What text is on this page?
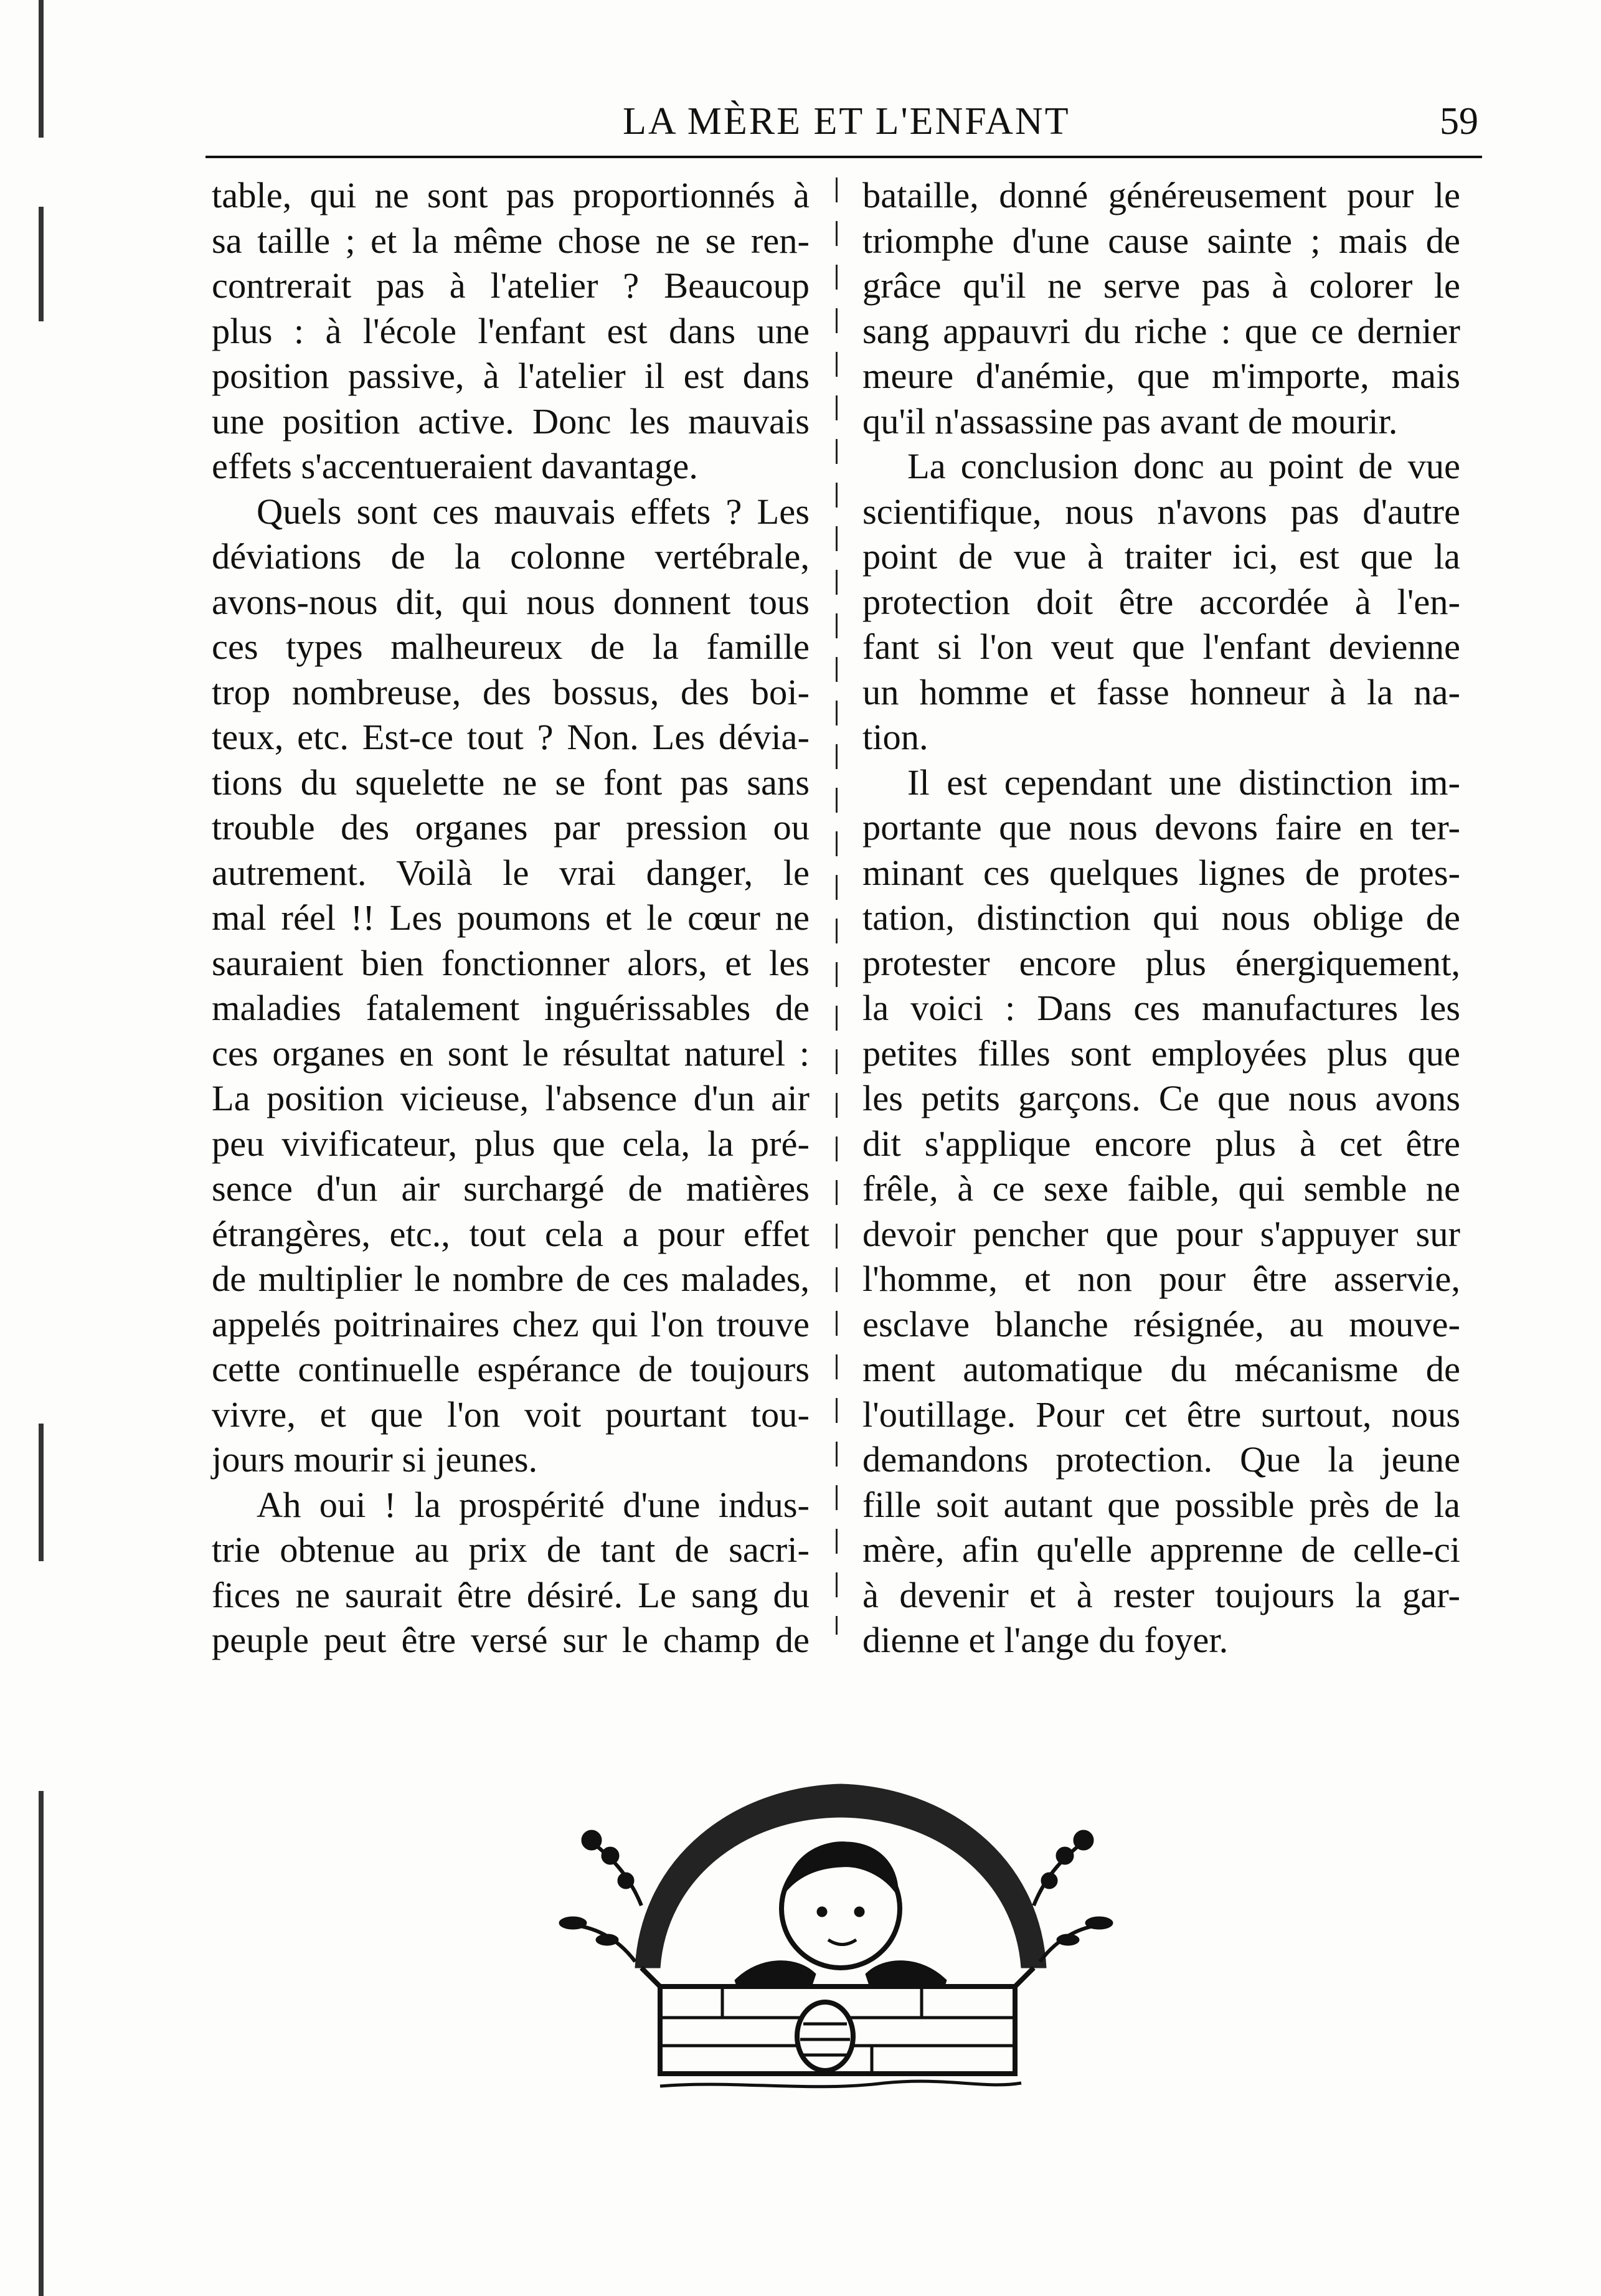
LA MÈRE ET L'ENFANT	59
table, qui ne sont pas proportionnés à
sa taille ; et la même chose ne se ren-
contrerait pas à l'atelier ? Beaucoup
plus : à l'école l'enfant est dans une
position passive, à l'atelier il est dans
une position active. Donc les mauvais
effets s'accentueraient davantage.
Quels sont ces mauvais effets ? Les
déviations de la colonne vertébrale,
avons-nous dit, qui nous donnent tous
ces types malheureux de la famille
trop nombreuse, des bossus, des boi-
teux, etc. Est-ce tout ? Non. Les dévia-
tions du squelette ne se font pas sans
trouble des organes par pression ou
autrement. Voilà le vrai danger, le
mal réel !! Les poumons et le cœur ne
sauraient bien fonctionner alors, et les
maladies fatalement inguérissables de
ces organes en sont le résultat naturel :
La position vicieuse, l'absence d'un air
peu vivificateur, plus que cela, la pré-
sence d'un air surchargé de matières
étrangères, etc., tout cela a pour effet
de multiplier le nombre de ces malades,
appelés poitrinaires chez qui l'on trouve
cette continuelle espérance de toujours
vivre, et que l'on voit pourtant tou-
jours mourir si jeunes.
Ah oui ! la prospérité d'une indus-
trie obtenue au prix de tant de sacri-
fices ne saurait être désiré. Le sang du
peuple peut être versé sur le champ de
bataille, donné généreusement pour le
triomphe d'une cause sainte ; mais de
grâce qu'il ne serve pas à colorer le
sang appauvri du riche : que ce dernier
meure d'anémie, que m'importe, mais
qu'il n'assassine pas avant de mourir.
La conclusion donc au point de vue
scientifique, nous n'avons pas d'autre
point de vue à traiter ici, est que la
protection doit être accordée à l'en-
fant si l'on veut que l'enfant devienne
un homme et fasse honneur à la na-
tion.
Il est cependant une distinction im-
portante que nous devons faire en ter-
minant ces quelques lignes de protes-
tation, distinction qui nous oblige de
protester encore plus énergiquement,
la voici : Dans ces manufactures les
petites filles sont employées plus que
les petits garçons. Ce que nous avons
dit s'applique encore plus à cet être
frêle, à ce sexe faible, qui semble ne
devoir pencher que pour s'appuyer sur
l'homme, et non pour être asservie,
esclave blanche résignée, au mouve-
ment automatique du mécanisme de
l'outillage. Pour cet être surtout, nous
demandons protection. Que la jeune
fille soit autant que possible près de la
mère, afin qu'elle apprenne de celle-ci
à devenir et à rester toujours la gar-
dienne et l'ange du foyer.
